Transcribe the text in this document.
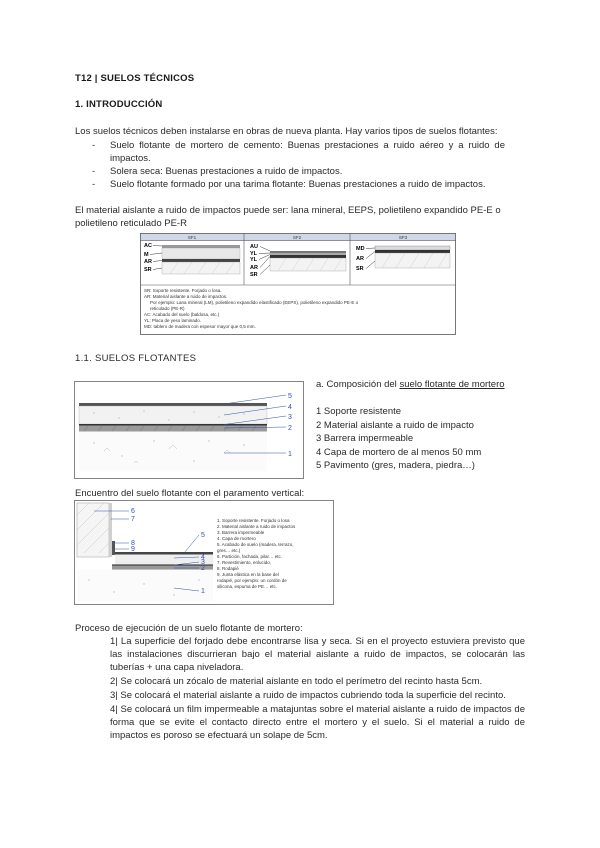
T12 | SUELOS TÉCNICOS
1. INTRODUCCIÓN
Los suelos técnicos deben instalarse en obras de nueva planta. Hay varios tipos de suelos flotantes:
- Suelo flotante de mortero de cemento: Buenas prestaciones a ruido aéreo y a ruido de impactos.
- Solera seca: Buenas prestaciones a ruido de impactos.
- Suelo flotante formado por una tarima flotante: Buenas prestaciones a ruido de impactos.
El material aislante a ruido de impactos puede ser: lana mineral, EEPS, polietileno expandido PE-E o polietileno reticulado PE-R
SF1	SF2	SF3
AC
M
AR
SR
AU
YL
YL
AR
SR
MD
AR
SR
SR: Soporte resistente. Forjado o losa.
AR: Material aislante a ruido de impactos.
Por ejemplo: Lana mineral (LM), polietileno expandido elastificado (EEPS), polietileno expandido PE-E o
reticulado (PE-R)
AC: Acabado del suelo (baldosa, etc.)
YL: Placa de yeso laminado.
MD: tablero de madera con espesor mayor que 0,5 mm.
1.1. SUELOS FLOTANTES
5
4
3
2
1
a. Composición del suelo flotante de mortero
1 Soporte resistente
2 Material aislante a ruido de impacto
3 Barrera impermeable
4 Capa de mortero de al menos 50 mm
5 Pavimento (gres, madera, piedra…)
Encuentro del suelo flotante con el paramento vertical:
6
7
8
9
5
4
3
2
1
1. Soporte resistente. Forjado o losa
2. Material aislante a ruido de impactos
3. Barrera impermeable
4. Capa de mortero
5. Acabado de suelo (madera, terrazo,
gres… etc.)
6. Partición, fachada, pilar… etc.
7. Revestimiento, enlucido,
8. Rodapié
9. Junta elástica en la base del
rodapié, por ejemplo: un cordón de
silicona, espuma de PE… etc.
Proceso de ejecución de un suelo flotante de mortero:

1| La superficie del forjado debe encontrarse lisa y seca. Si en el proyecto estuviera previsto que las instalaciones discurrieran bajo el material aislante a ruido de impactos, se colocarán las tuberías + una capa niveladora.

2| Se colocará un zócalo de material aislante en todo el perímetro del recinto hasta 5cm.

3| Se colocará el material aislante a ruido de impactos cubriendo toda la superficie del recinto.

4| Se colocará un film impermeable a matajuntas sobre el material aislante a ruido de impactos de forma que se evite el contacto directo entre el mortero y el suelo. Si el material a ruido de impactos es poroso se efectuará un solape de 5cm.
